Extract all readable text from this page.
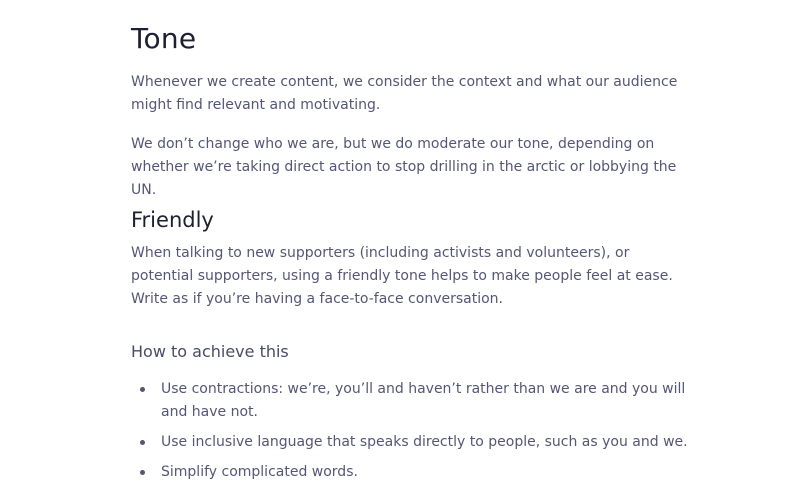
Tone

Whenever we create content, we consider the context and what our audience might find relevant and motivating.

We don’t change who we are, but we do moderate our tone, depending on whether we’re taking direct action to stop drilling in the arctic or lobbying the UN.

Friendly

When talking to new supporters (including activists and volunteers), or potential supporters, using a friendly tone helps to make people feel at ease. Write as if you’re having a face-to-face conversation.

How to achieve this
Use contractions: we’re, you’ll and haven’t rather than we are and you will and have not.
Use inclusive language that speaks directly to people, such as you and we.
Simplify complicated words.
